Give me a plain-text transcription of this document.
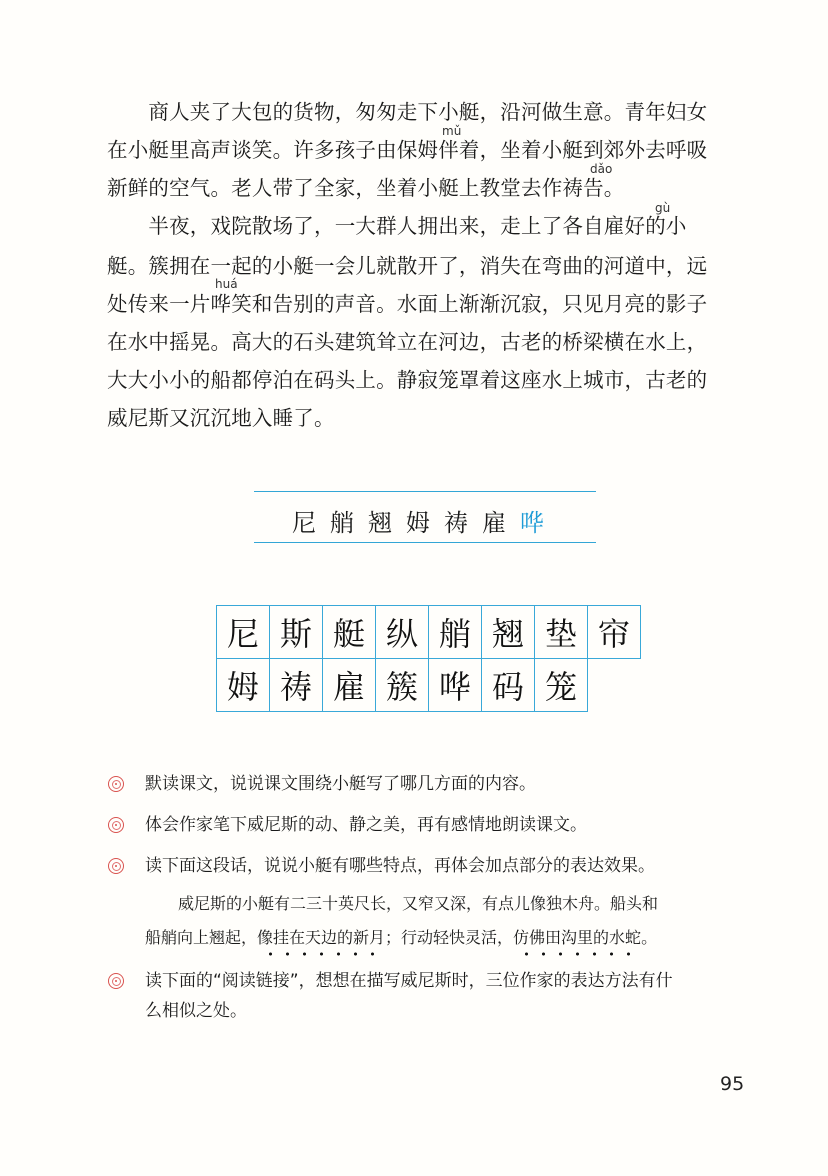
　　商人夹了大包的货物，匆匆走下小艇，沿河做生意。青年妇女
在小艇里高声谈笑。许多孩子由保姆伴着，坐着小艇到郊外去呼吸
新鲜的空气。老人带了全家，坐着小艇上教堂去作祷告。
mǔ
dǎo
　　半夜，戏院散场了，一大群人拥出来，走上了各自雇好的小
艇。簇拥在一起的小艇一会儿就散开了，消失在弯曲的河道中，远
处传来一片哗笑和告别的声音。水面上渐渐沉寂，只见月亮的影子
在水中摇晃。高大的石头建筑耸立在河边，古老的桥梁横在水上，
大大小小的船都停泊在码头上。静寂笼罩着这座水上城市，古老的
威尼斯又沉沉地入睡了。
gù
huá
尼艄翘姆祷雇哗
尼 斯 艇 纵 艄 翘 垫 帘
姆 祷 雇 簇 哗 码 笼
默读课文，说说课文围绕小艇写了哪几方面的内容。
体会作家笔下威尼斯的动、静之美，再有感情地朗读课文。
读下面这段话，说说小艇有哪些特点，再体会加点部分的表达效果。
威尼斯的小艇有二三十英尺长，又窄又深，有点儿像独木舟。船头和
船艄向上翘起，像挂在天边的新月
；行动轻快灵活，仿佛田沟里的水蛇
。
读下面的“阅读链接”，想想在描写威尼斯时，三位作家的表达方法有什
么相似之处。
95
